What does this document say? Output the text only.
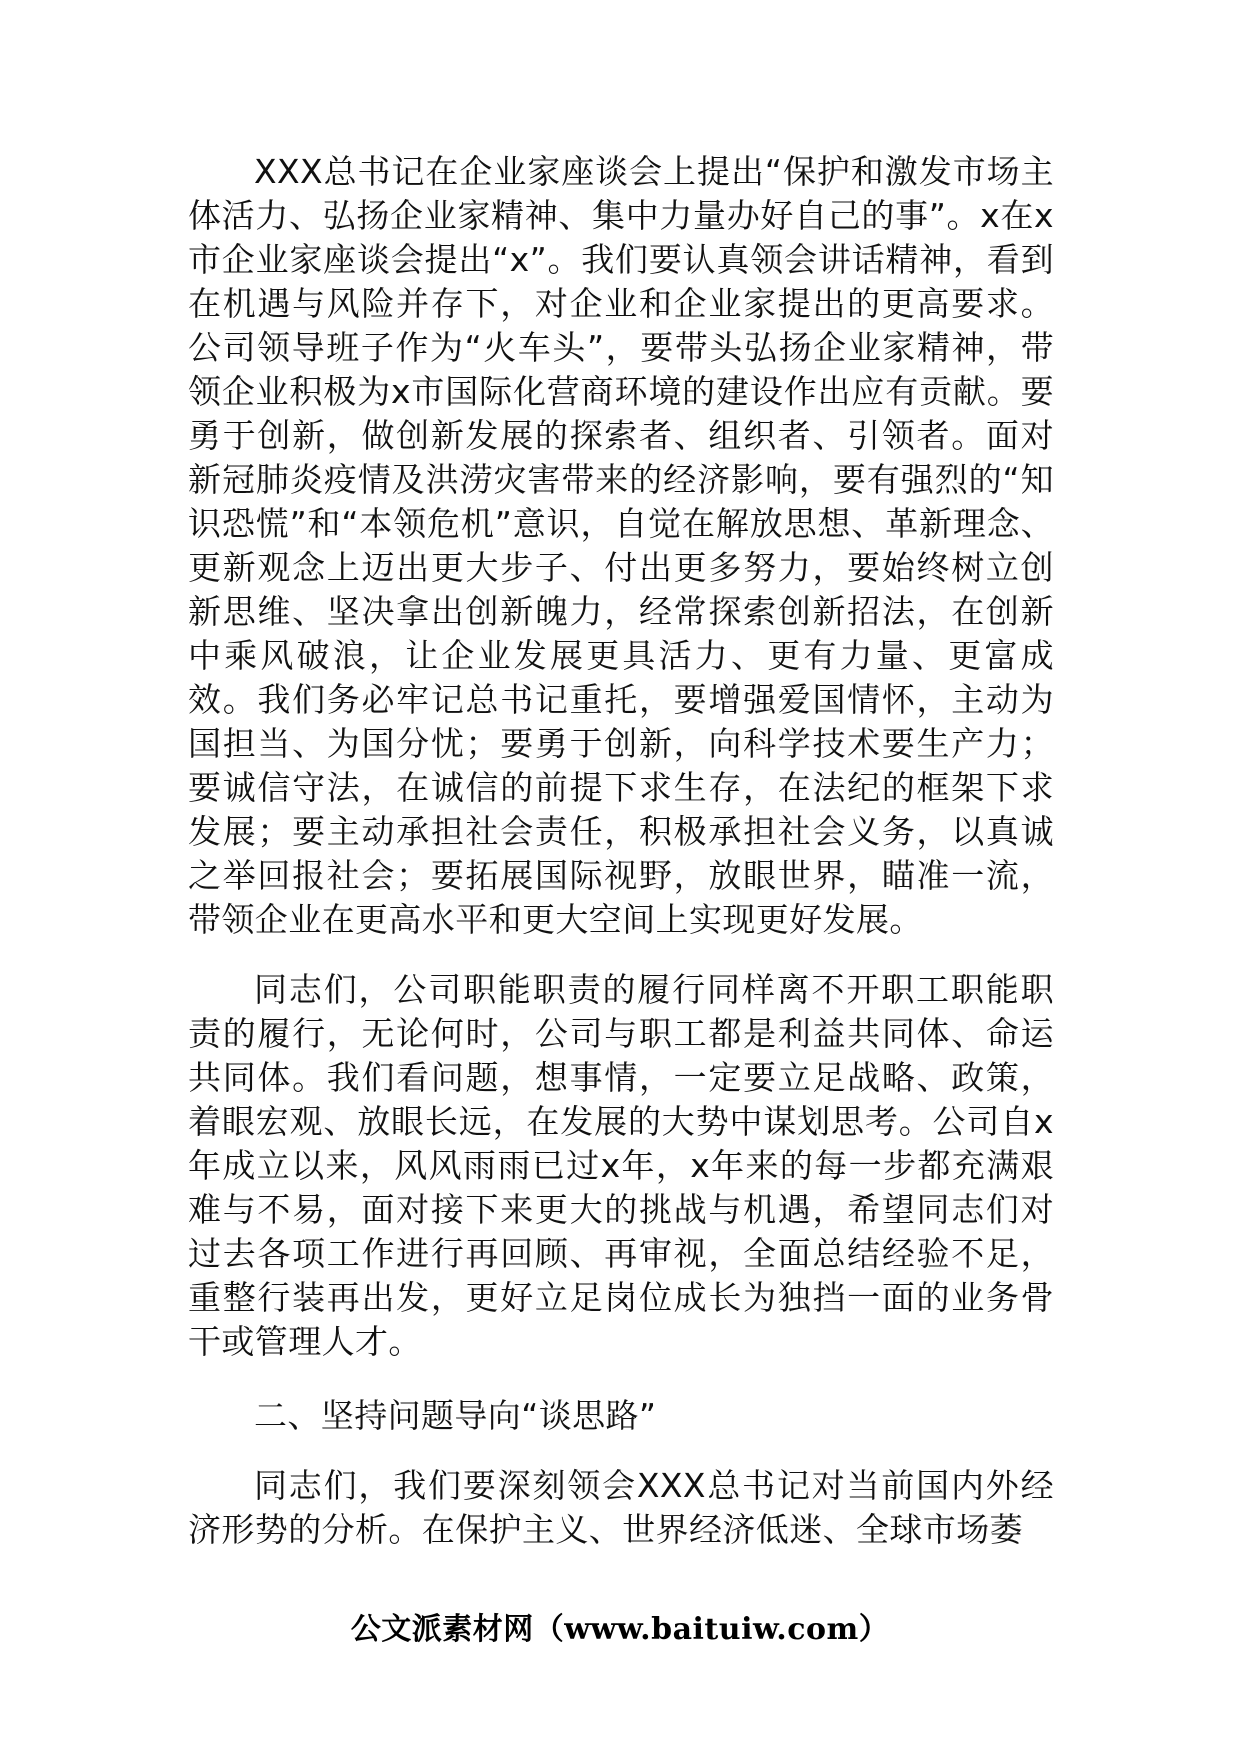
XXX总书记在企业家座谈会上提出“保护和激发市场主体活力、弘扬企业家精神、集中力量办好自己的事”。x在x市企业家座谈会提出“x”。我们要认真领会讲话精神，看到在机遇与风险并存下，对企业和企业家提出的更高要求。公司领导班子作为“火车头”，要带头弘扬企业家精神，带领企业积极为x市国际化营商环境的建设作出应有贡献。要勇于创新，做创新发展的探索者、组织者、引领者。面对新冠肺炎疫情及洪涝灾害带来的经济影响，要有强烈的“知识恐慌”和“本领危机”意识，自觉在解放思想、革新理念、更新观念上迈出更大步子、付出更多努力，要始终树立创新思维、坚决拿出创新魄力，经常探索创新招法，在创新中乘风破浪，让企业发展更具活力、更有力量、更富成效。我们务必牢记总书记重托，要增强爱国情怀，主动为国担当、为国分忧；要勇于创新，向科学技术要生产力；要诚信守法，在诚信的前提下求生存，在法纪的框架下求发展；要主动承担社会责任，积极承担社会义务，以真诚之举回报社会；要拓展国际视野，放眼世界，瞄准一流，带领企业在更高水平和更大空间上实现更好发展。

同志们，公司职能职责的履行同样离不开职工职能职责的履行，无论何时，公司与职工都是利益共同体、命运共同体。我们看问题，想事情，一定要立足战略、政策，着眼宏观、放眼长远，在发展的大势中谋划思考。公司自x年成立以来，风风雨雨已过x年，x年来的每一步都充满艰难与不易，面对接下来更大的挑战与机遇，希望同志们对过去各项工作进行再回顾、再审视，全面总结经验不足，重整行装再出发，更好立足岗位成长为独挡一面的业务骨干或管理人才。

二、坚持问题导向“谈思路”

同志们，我们要深刻领会XXX总书记对当前国内外经济形势的分析。在保护主义、世界经济低迷、全球市场萎

公文派素材网（www.baituiw.com）
